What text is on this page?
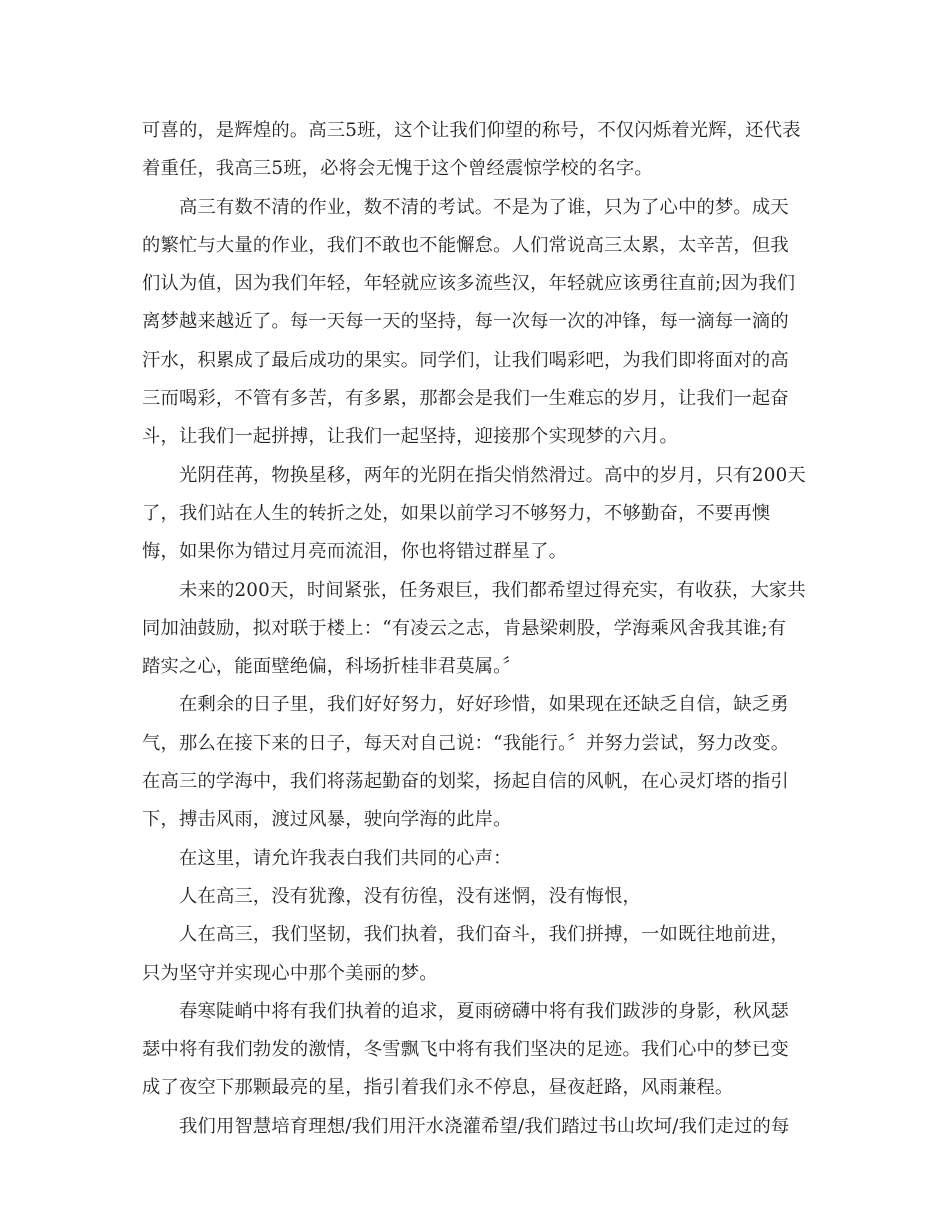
可喜的，是辉煌的。高三5班，这个让我们仰望的称号，不仅闪烁着光辉，还代表
着重任，我高三5班，必将会无愧于这个曾经震惊学校的名字。
高三有数不清的作业，数不清的考试。不是为了谁，只为了心中的梦。成天
的繁忙与大量的作业，我们不敢也不能懈怠。人们常说高三太累，太辛苦，但我
们认为值，因为我们年轻，年轻就应该多流些汉，年轻就应该勇往直前;因为我们
离梦越来越近了。每一天每一天的坚持，每一次每一次的冲锋，每一滴每一滴的
汗水，积累成了最后成功的果实。同学们，让我们喝彩吧，为我们即将面对的高
三而喝彩，不管有多苦，有多累，那都会是我们一生难忘的岁月，让我们一起奋
斗，让我们一起拼搏，让我们一起坚持，迎接那个实现梦的六月。
光阴荏苒，物换星移，两年的光阴在指尖悄然滑过。高中的岁月，只有200天
了，我们站在人生的转折之处，如果以前学习不够努力，不够勤奋，不要再懊
悔，如果你为错过月亮而流泪，你也将错过群星了。
未来的200天，时间紧张，任务艰巨，我们都希望过得充实，有收获，大家共
同加油鼓励，拟对联于楼上：“有凌云之志，肯悬梁刺股，学海乘风舍我其谁;有
踏实之心，能面壁绝偏，科场折桂非君莫属。〞
在剩余的日子里，我们好好努力，好好珍惜，如果现在还缺乏自信，缺乏勇
气，那么在接下来的日子，每天对自己说：“我能行。〞并努力尝试，努力改变。
在高三的学海中，我们将荡起勤奋的划桨，扬起自信的风帆，在心灵灯塔的指引
下，搏击风雨，渡过风暴，驶向学海的此岸。
在这里，请允许我表白我们共同的心声：
人在高三，没有犹豫，没有彷徨，没有迷惘，没有悔恨，
人在高三，我们坚韧，我们执着，我们奋斗，我们拼搏，一如既往地前进，
只为坚守并实现心中那个美丽的梦。
春寒陡峭中将有我们执着的追求，夏雨磅礴中将有我们跋涉的身影，秋风瑟
瑟中将有我们勃发的激情，冬雪飘飞中将有我们坚决的足迹。我们心中的梦已变
成了夜空下那颗最亮的星，指引着我们永不停息，昼夜赶路，风雨兼程。
我们用智慧培育理想/我们用汗水浇灌希望/我们踏过书山坎坷/我们走过的每
